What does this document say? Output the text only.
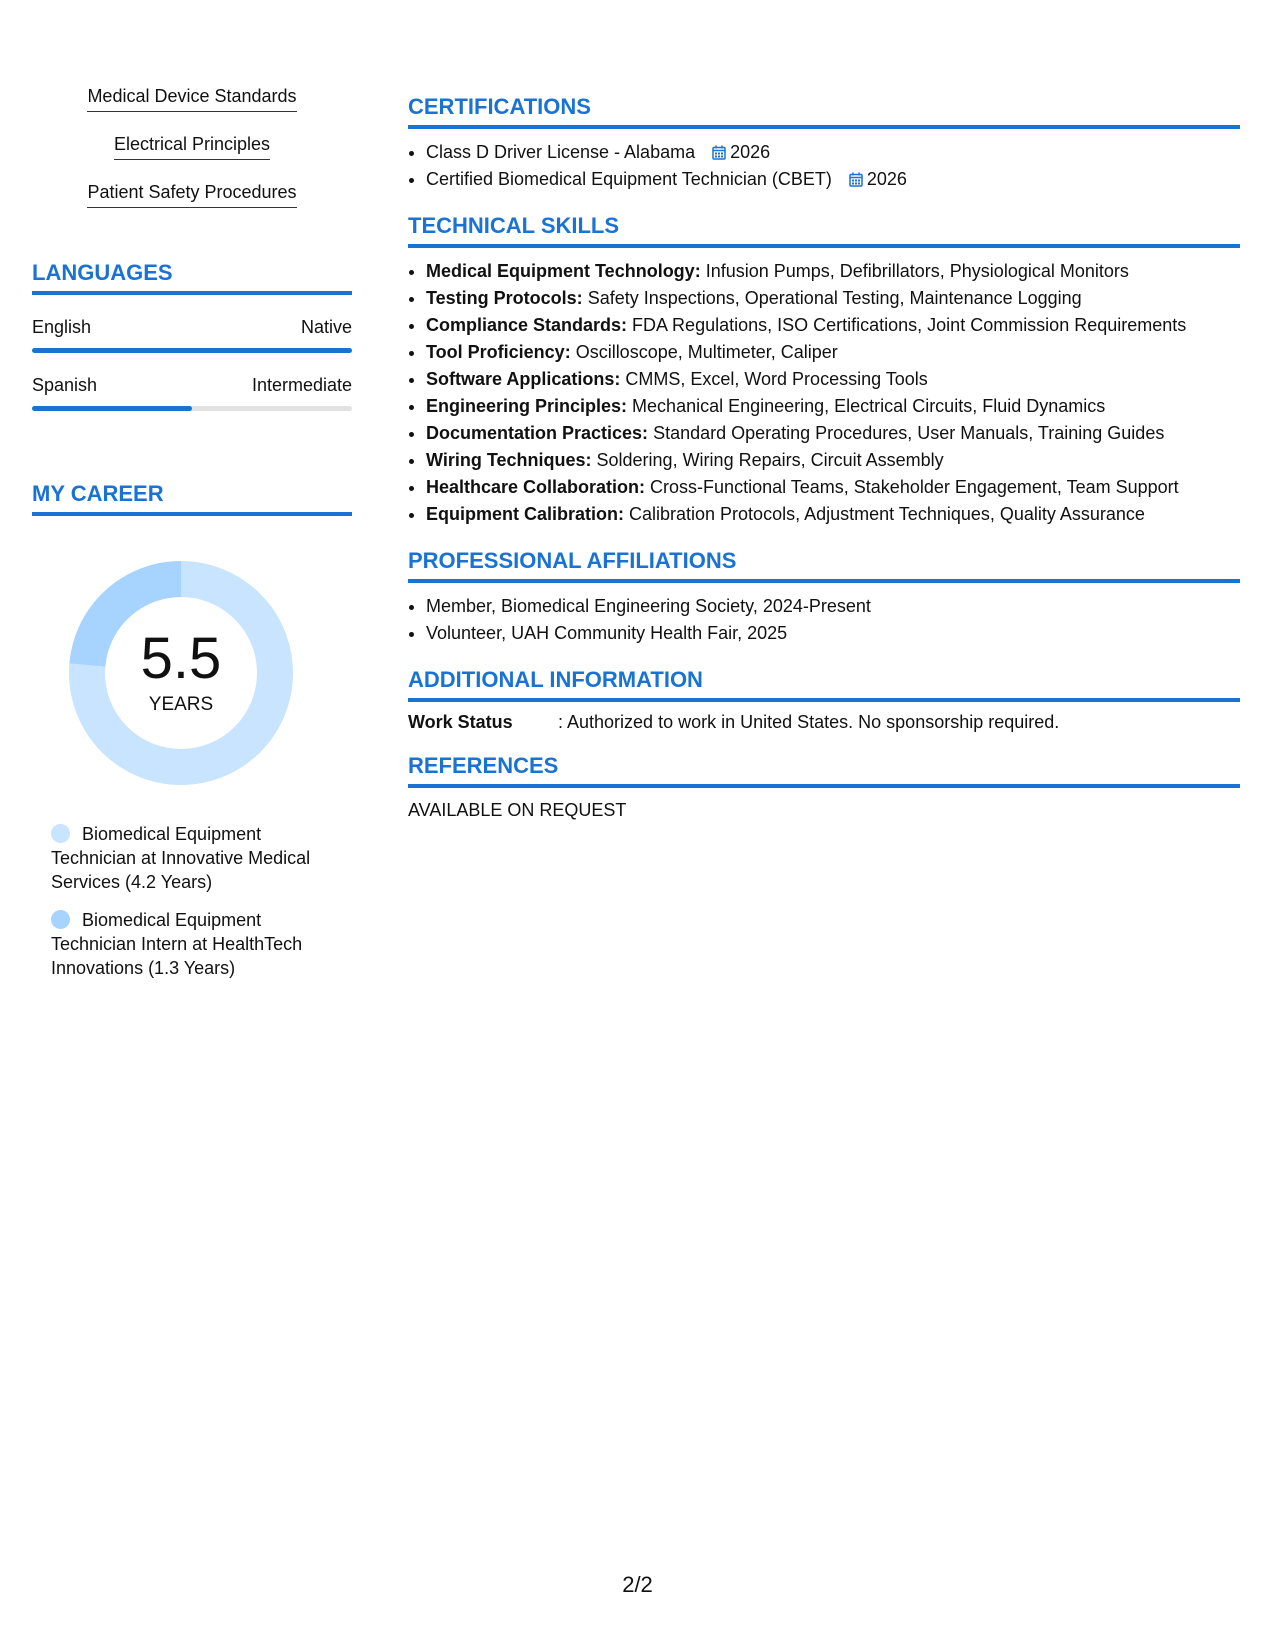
Medical Device Standards
Electrical Principles
Patient Safety Procedures
LANGUAGES
English	Native
Spanish	Intermediate
MY CAREER
5.5
YEARS
Biomedical Equipment Technician at Innovative Medical Services (4.2 Years)
Biomedical Equipment Technician Intern at HealthTech Innovations (1.3 Years)
CERTIFICATIONS
• Class D Driver License - Alabama 2026
• Certified Biomedical Equipment Technician (CBET) 2026
TECHNICAL SKILLS
• Medical Equipment Technology: Infusion Pumps, Defibrillators, Physiological Monitors
• Testing Protocols: Safety Inspections, Operational Testing, Maintenance Logging
• Compliance Standards: FDA Regulations, ISO Certifications, Joint Commission Requirements
• Tool Proficiency: Oscilloscope, Multimeter, Caliper
• Software Applications: CMMS, Excel, Word Processing Tools
• Engineering Principles: Mechanical Engineering, Electrical Circuits, Fluid Dynamics
• Documentation Practices: Standard Operating Procedures, User Manuals, Training Guides
• Wiring Techniques: Soldering, Wiring Repairs, Circuit Assembly
• Healthcare Collaboration: Cross-Functional Teams, Stakeholder Engagement, Team Support
• Equipment Calibration: Calibration Protocols, Adjustment Techniques, Quality Assurance
PROFESSIONAL AFFILIATIONS
• Member, Biomedical Engineering Society, 2024-Present
• Volunteer, UAH Community Health Fair, 2025
ADDITIONAL INFORMATION
Work Status	: Authorized to work in United States. No sponsorship required.
REFERENCES
AVAILABLE ON REQUEST
2/2
